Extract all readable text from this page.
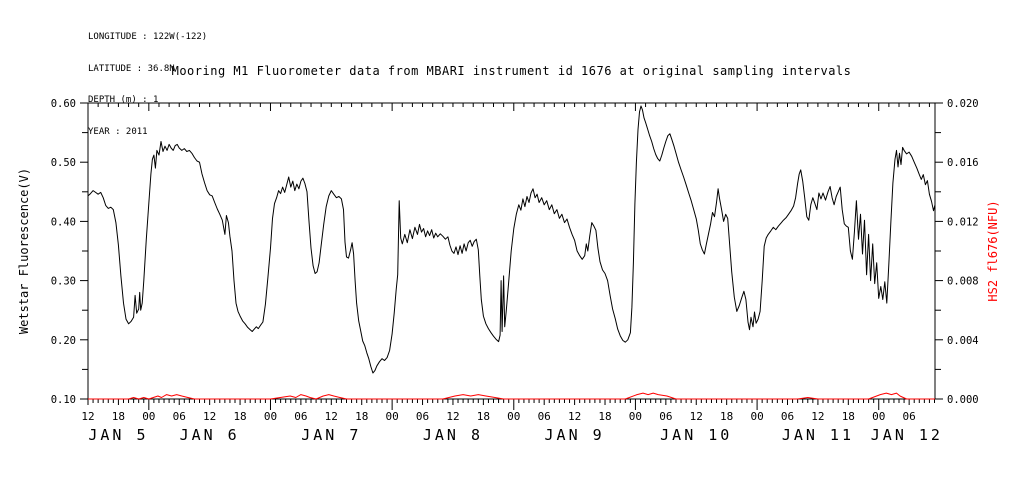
LONGITUDE : 122W(-122)

LATITUDE : 36.8N

DEPTH (m) : 1

YEAR : 2011

Mooring M1 Fluorometer data from MBARI instrument id 1676 at original sampling intervals
Wetstar Fluorescence(V)	HS2 fl676(NFU)
0.10
0.20
0.30
0.40
0.50
0.60
0.000
0.004
0.008
0.012
0.016
0.020
12 18 00 06 12 18 00 06 12 18 00 06 12 18 00 06 12 18 00 06 12 18 00 06 12 18 00 06
JAN 5 JAN 6	JAN 7	JAN 8	JAN 9	JAN 10	JAN 11 JAN 12
